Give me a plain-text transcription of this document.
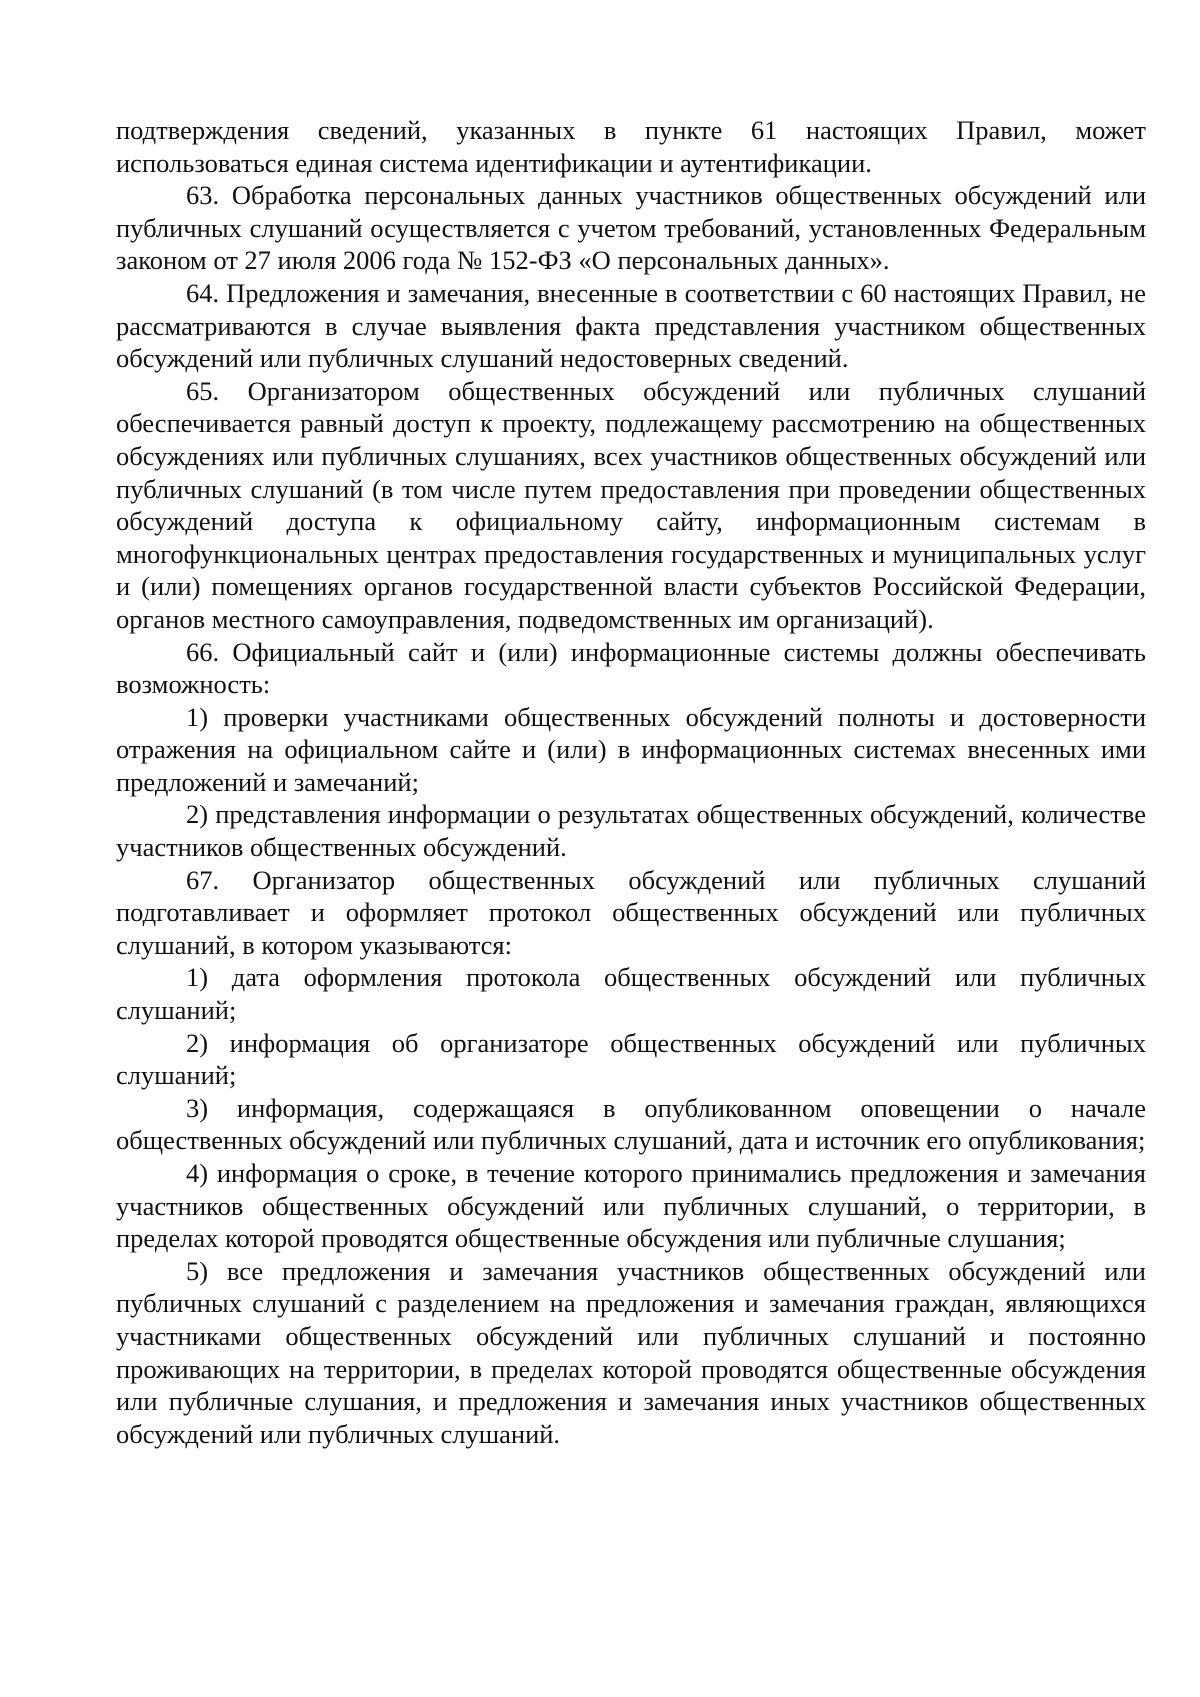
подтверждения сведений, указанных в пункте 61 настоящих Правил, может использоваться единая система идентификации и аутентификации.

63. Обработка персональных данных участников общественных обсуждений или публичных слушаний осуществляется с учетом требований, установленных Федеральным законом от 27 июля 2006 года № 152-ФЗ «О персональных данных».

64. Предложения и замечания, внесенные в соответствии с 60 настоящих Правил, не рассматриваются в случае выявления факта представления участником общественных обсуждений или публичных слушаний недостоверных сведений.

65. Организатором общественных обсуждений или публичных слушаний обеспечивается равный доступ к проекту, подлежащему рассмотрению на общественных обсуждениях или публичных слушаниях, всех участников общественных обсуждений или публичных слушаний (в том числе путем предоставления при проведении общественных обсуждений доступа к официальному сайту, информационным системам в многофункциональных центрах предоставления государственных и муниципальных услуг и (или) помещениях органов государственной власти субъектов Российской Федерации, органов местного самоуправления, подведомственных им организаций).

66. Официальный сайт и (или) информационные системы должны обеспечивать возможность:

1) проверки участниками общественных обсуждений полноты и достоверности отражения на официальном сайте и (или) в информационных системах внесенных ими предложений и замечаний;

2) представления информации о результатах общественных обсуждений, количестве участников общественных обсуждений.

67. Организатор общественных обсуждений или публичных слушаний подготавливает и оформляет протокол общественных обсуждений или публичных слушаний, в котором указываются:

1) дата оформления протокола общественных обсуждений или публичных слушаний;

2) информация об организаторе общественных обсуждений или публичных слушаний;

3) информация, содержащаяся в опубликованном оповещении о начале общественных обсуждений или публичных слушаний, дата и источник его опубликования;

4) информация о сроке, в течение которого принимались предложения и замечания участников общественных обсуждений или публичных слушаний, о территории, в пределах которой проводятся общественные обсуждения или публичные слушания;

5) все предложения и замечания участников общественных обсуждений или публичных слушаний с разделением на предложения и замечания граждан, являющихся участниками общественных обсуждений или публичных слушаний и постоянно проживающих на территории, в пределах которой проводятся общественные обсуждения или публичные слушания, и предложения и замечания иных участников общественных обсуждений или публичных слушаний.
